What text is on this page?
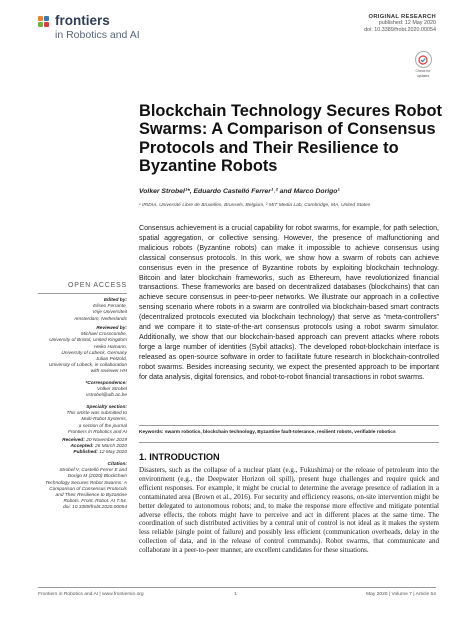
frontiers
in Robotics and AI
ORIGINAL RESEARCH
published: 12 May 2020
doi: 10.3389/frobt.2020.00054
Check for
updates
Blockchain Technology Secures Robot Swarms: A Comparison of Consensus Protocols and Their Resilience to Byzantine Robots
Volker Strobel¹*, Eduardo Castelló Ferrer¹˒² and Marco Dorigo¹
¹ IRIDIA, Université Libre de Bruxelles, Brussels, Belgium, ² MIT Media Lab, Cambridge, MA, United States
Consensus achievement is a crucial capability for robot swarms, for example, for path selection, spatial aggregation, or collective sensing. However, the presence of malfunctioning and malicious robots (Byzantine robots) can make it impossible to achieve consensus using classical consensus protocols. In this work, we show how a swarm of robots can achieve consensus even in the presence of Byzantine robots by exploiting blockchain technology. Bitcoin and later blockchain frameworks, such as Ethereum, have revolutionized financial transactions. These frameworks are based on decentralized databases (blockchains) that can achieve secure consensus in peer-to-peer networks. We illustrate our approach in a collective sensing scenario where robots in a swarm are controlled via blockchain-based smart contracts (decentralized protocols executed via blockchain technology) that serve as “meta-controllers” and we compare it to state-of-the-art consensus protocols using a robot swarm simulator. Additionally, we show that our blockchain-based approach can prevent attacks where robots forge a large number of identities (Sybil attacks). The developed robot-blockchain interface is released as open-source software in order to facilitate future research in blockchain-controlled robot swarms. Besides increasing security, we expect the presented approach to be important for data analysis, digital forensics, and robot-to-robot financial transactions in robot swarms.
Keywords: swarm robotics, blockchain technology, Byzantine fault-tolerance, resilient robots, verifiable robotics
OPEN ACCESS
Edited by:
Eliseo Ferrante,
Vrije Universiteit
Amsterdam, Netherlands
Reviewed by:
Michael Crosscombe,
University of Bristol, United Kingdom
Heiko Hamann,
University of Lübeck, Germany
Julian Petzold,
University of Lübeck, in collaboration
with reviewer HH
*Correspondence:
Volker Strobel
vstrobel@ulb.ac.be
Specialty section:
This article was submitted to
Multi-Robot Systems,
a section of the journal
Frontiers in Robotics and AI
Received: 20 November 2019
Accepted: 26 March 2020
Published: 12 May 2020
Citation:
Strobel V, Castelló Ferrer E and
Dorigo M (2020) Blockchain
Technology Secures Robot Swarms: A
Comparison of Consensus Protocols
and Their Resilience to Byzantine
Robots. Front. Robot. AI 7:54.
doi: 10.3389/frobt.2020.00054
1. INTRODUCTION
Disasters, such as the collapse of a nuclear plant (e.g., Fukushima) or the release of petroleum into the environment (e.g., the Deepwater Horizon oil spill), present huge challenges and require quick and efficient responses. For example, it might be crucial to determine the average presence of radiation in a contaminated area (Brown et al., 2016). For security and efficiency reasons, on-site intervention might be better delegated to autonomous robots; and, to make the response more effective and mitigate potential adverse effects, the robots might have to perceive and act in different places at the same time. The coordination of such distributed activities by a central unit of control is not ideal as it makes the system less reliable (single point of failure) and possibly less efficient (communication overheads, delay in the collection of data, and in the release of control commands). Robot swarms, that communicate and collaborate in a peer-to-peer manner, are excellent candidates for these situations.
Frontiers in Robotics and AI | www.frontiersin.org	1	May 2020 | Volume 7 | Article 54
